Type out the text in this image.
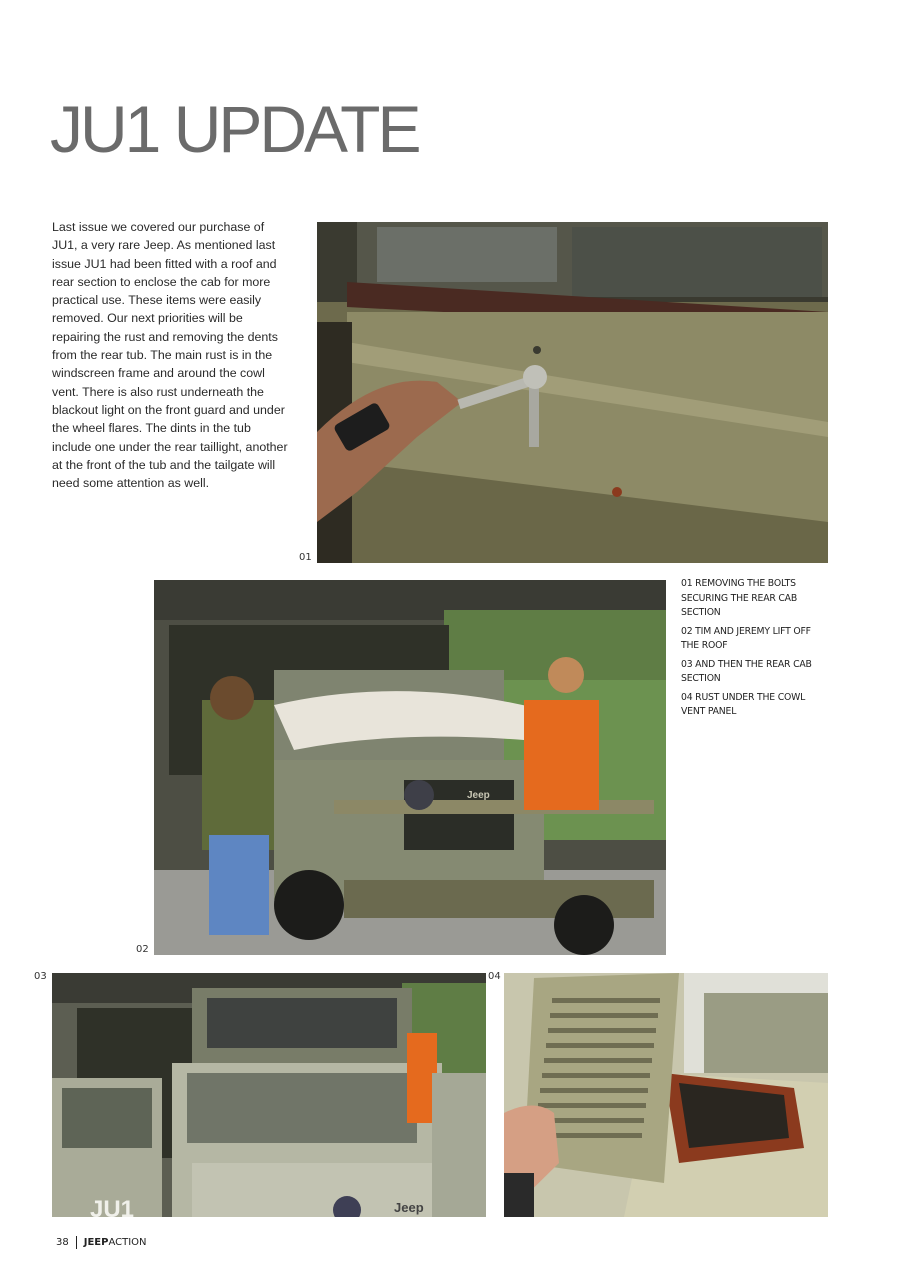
JU1 UPDATE

Last issue we covered our purchase of JU1, a very rare Jeep. As mentioned last issue JU1 had been fitted with a roof and rear section to enclose the cab for more practical use. These items were easily removed. Our next priorities will be repairing the rust and removing the dents from the rear tub. The main rust is in the windscreen frame and around the cowl vent. There is also rust underneath the blackout light on the front guard and under the wheel flares. The dints in the tub include one under the rear taillight, another at the front of the tub and the tailgate will need some attention as well.

01
Jeep
02
JU1	Jeep
03	04
01 REMOVING THE BOLTS SECURING THE REAR CAB SECTION
02 TIM AND JEREMY LIFT OFF THE ROOF
03 AND THEN THE REAR CAB SECTION
04 RUST UNDER THE COWL VENT PANEL
38 JEEP ACTION
